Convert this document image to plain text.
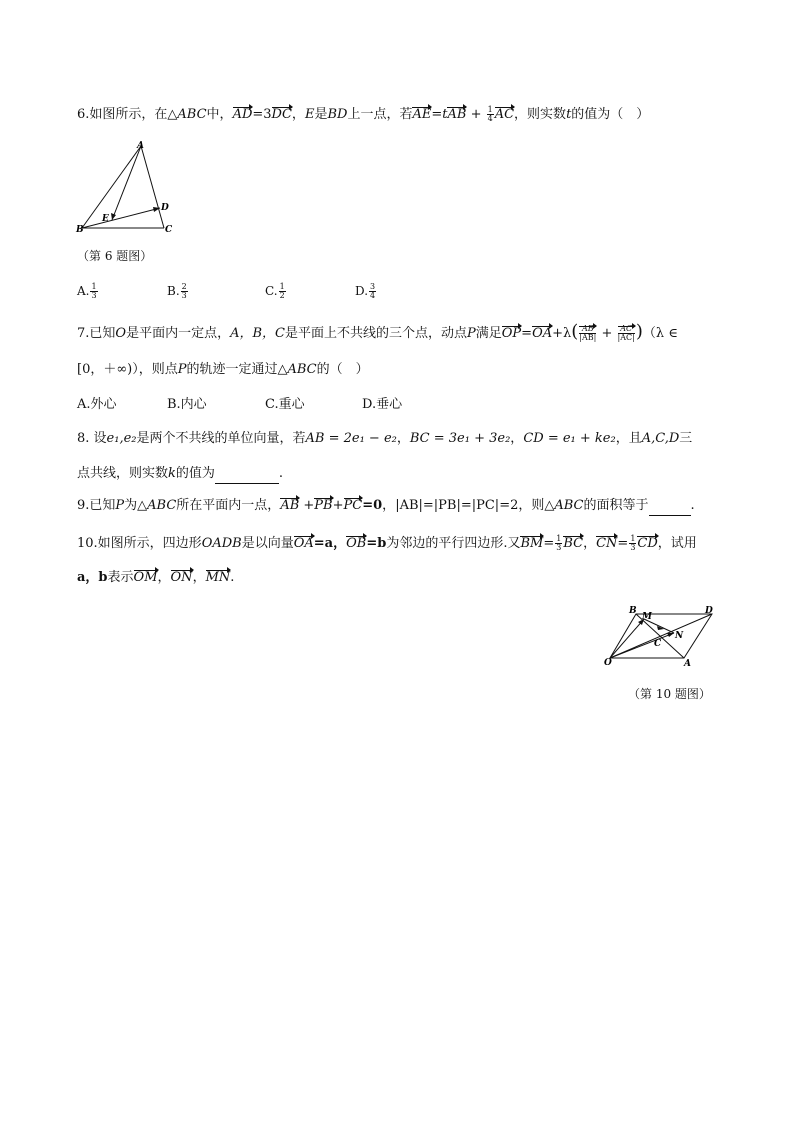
6.如图所示，在△ABC中，AD=3DC，E是BD上一点，若$AE=tAB + \frac{1}{4}$ AC，则实数t的值为（　）
A
B	C
D
E
（第 6 题图）
A. $\frac{1}{3}$	B. $\frac{2}{3}$	C. $\frac{1}{2}$	D. $\frac{3}{4}$
7.已知O是平面内一定点，A，B，C是平面上不共线的三个点，动点P满足$OP=OA+\lambda( \frac{AB}{|AB|} + \frac{AC}{|AC|} )(\lambda$ ∈
[0，＋∞)），则点P的轨迹一定通过△ABC的（　）
A.外心	B.内心	C.重心	D.垂心
8. 设e₁,e₂是两个不共线的单位向量，若AB = 2e₁ − e₂，BC = 3e₁ + 3e₂，CD = e₁ + ke₂，且A,C,D三
点共线，则实数k的值为	.
9.已知P为△ABC所在平面内一点，AB +PB+PC=0，|AB|=|PB|=|PC|=2，则△ABC的面积等于	.
10.如图所示，四边形OADB是以向量OA=a，OB=b为邻边的平行四边形.又$BM= \frac{1}{3}$ BC，$CN= \frac{1}{3}$ CD，试用
a，b表示OM，ON，MN.
O	A
B	D
M
N
C
（第 10 题图）
